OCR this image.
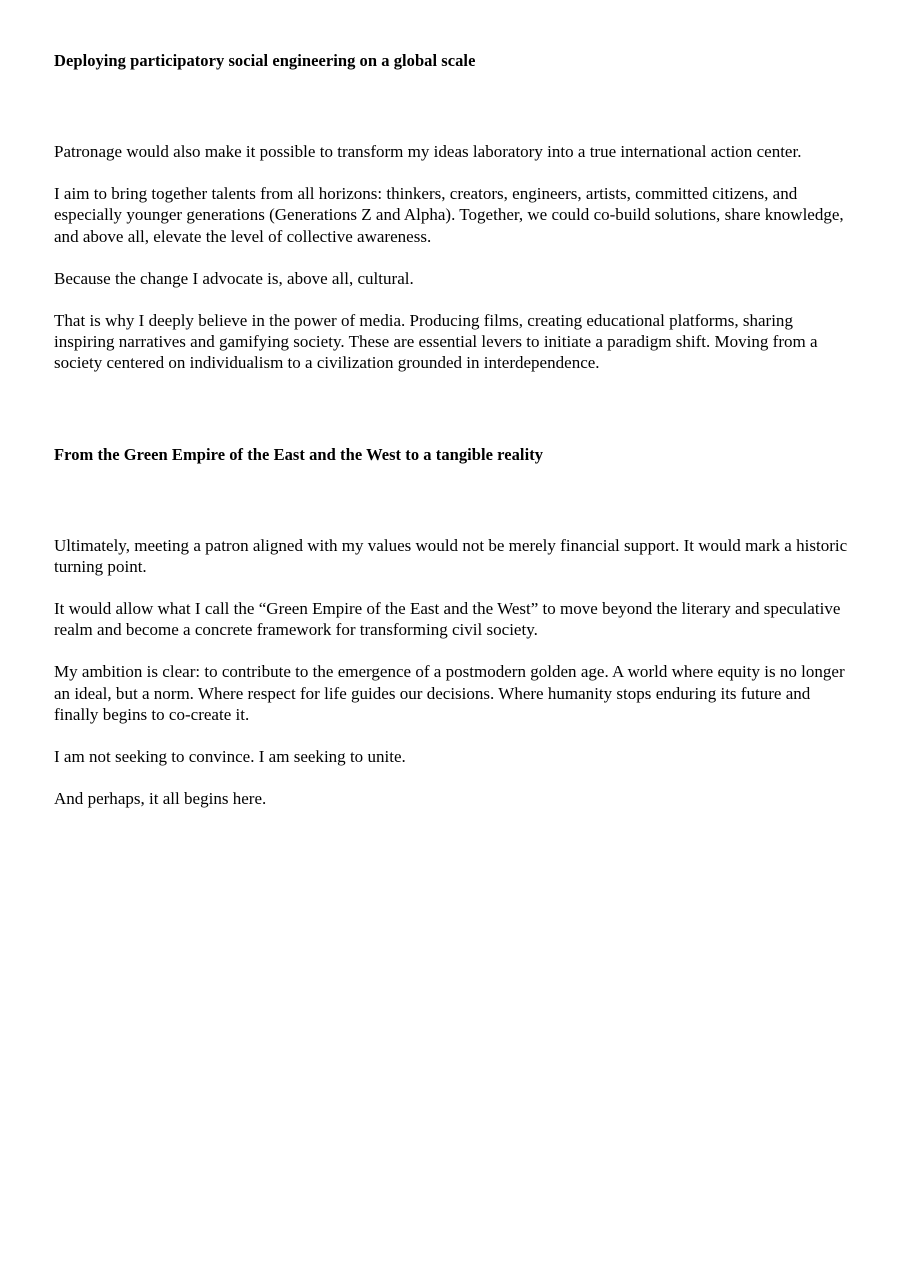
Deploying participatory social engineering on a global scale

Patronage would also make it possible to transform my ideas laboratory into a true international action center.

I aim to bring together talents from all horizons: thinkers, creators, engineers, artists, committed citizens, and especially younger generations (Generations Z and Alpha). Together, we could co-build solutions, share knowledge, and above all, elevate the level of collective awareness.

Because the change I advocate is, above all, cultural.

That is why I deeply believe in the power of media. Producing films, creating educational platforms, sharing inspiring narratives and gamifying society. These are essential levers to initiate a paradigm shift. Moving from a society centered on individualism to a civilization grounded in interdependence.

From the Green Empire of the East and the West to a tangible reality

Ultimately, meeting a patron aligned with my values would not be merely financial support. It would mark a historic turning point.

It would allow what I call the “Green Empire of the East and the West” to move beyond the literary and speculative realm and become a concrete framework for transforming civil society.

My ambition is clear: to contribute to the emergence of a postmodern golden age. A world where equity is no longer an ideal, but a norm. Where respect for life guides our decisions. Where humanity stops enduring its future and finally begins to co-create it.

I am not seeking to convince. I am seeking to unite.

And perhaps, it all begins here.
